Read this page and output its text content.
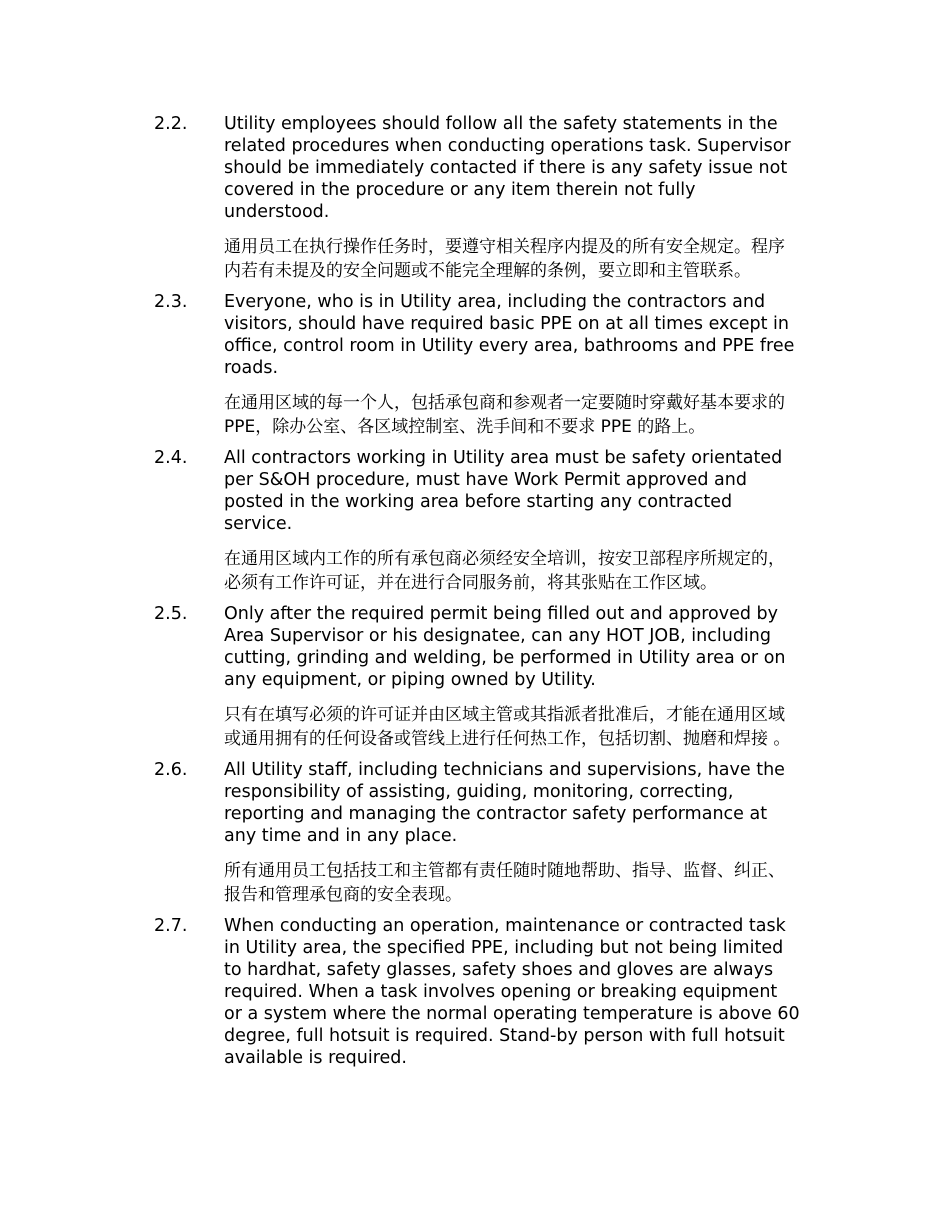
2.2. Utility employees should follow all the safety statements in the
related procedures when conducting operations task. Supervisor
should be immediately contacted if there is any safety issue not
covered in the procedure or any item therein not fully
understood.
通用员工在执行操作任务时，要遵守相关程序内提及的所有安全规定。程序
内若有未提及的安全问题或不能完全理解的条例，要立即和主管联系。
2.3. Everyone, who is in Utility area, including the contractors and
visitors, should have required basic PPE on at all times except in
office, control room in Utility every area, bathrooms and PPE free
roads.
在通用区域的每一个人，包括承包商和参观者一定要随时穿戴好基本要求的
PPE，除办公室、各区域控制室、洗手间和不要求 PPE 的路上。
2.4. All contractors working in Utility area must be safety orientated
per S&OH procedure, must have Work Permit approved and
posted in the working area before starting any contracted
service.
在通用区域内工作的所有承包商必须经安全培训，按安卫部程序所规定的，
必须有工作许可证，并在进行合同服务前，将其张贴在工作区域。
2.5. Only after the required permit being filled out and approved by
Area Supervisor or his designatee, can any HOT JOB, including
cutting, grinding and welding, be performed in Utility area or on
any equipment, or piping owned by Utility.
只有在填写必须的许可证并由区域主管或其指派者批准后，才能在通用区域
或通用拥有的任何设备或管线上进行任何热工作，包括切割、抛磨和焊接 。
2.6. All Utility staff, including technicians and supervisions, have the
responsibility of assisting, guiding, monitoring, correcting,
reporting and managing the contractor safety performance at
any time and in any place.
所有通用员工包括技工和主管都有责任随时随地帮助、指导、监督、纠正、
报告和管理承包商的安全表现。
2.7. When conducting an operation, maintenance or contracted task
in Utility area, the specified PPE, including but not being limited
to hardhat, safety glasses, safety shoes and gloves are always
required. When a task involves opening or breaking equipment
or a system where the normal operating temperature is above 60
degree, full hotsuit is required. Stand-by person with full hotsuit
available is required.
